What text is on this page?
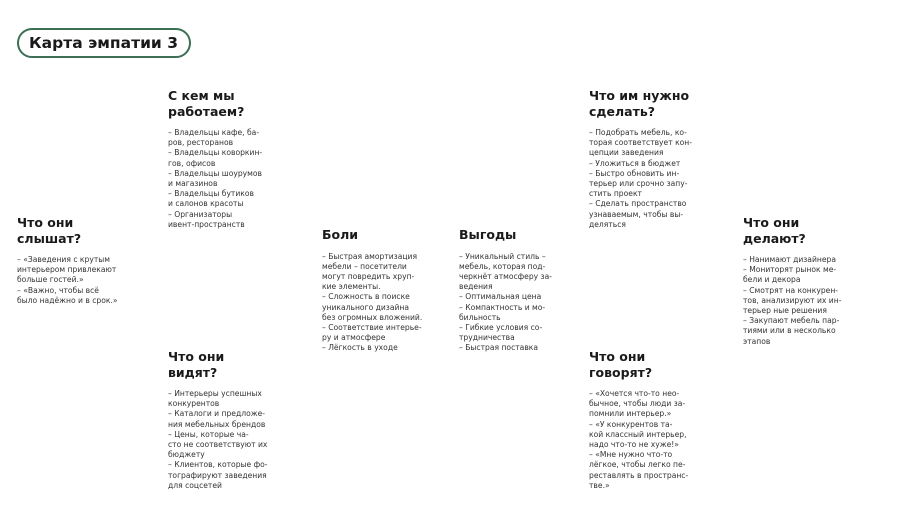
Карта эмпатии 3
С кем мы
работаем?
– Владельцы кафе, ба-
ров, ресторанов
– Владельцы коворкин-
гов, офисов
– Владельцы шоурумов
и магазинов
– Владельцы бутиков
и салонов красоты
– Организаторы
ивент-пространств
Что им нужно
сделать?
– Подобрать мебель, ко-
торая соответствует кон-
цепции заведения
– Уложиться в бюджет
– Быстро обновить ин-
терьер или срочно запу-
стить проект
– Сделать пространство
узнаваемым, чтобы вы-
деляться
Что они
слышат?
– «Заведения с крутым
интерьером привлекают
больше гостей.»
– «Важно, чтобы всё
было надёжно и в срок.»
Боли
– Быстрая амортизация
мебели – посетители
могут повредить хруп-
кие элементы.
– Сложность в поиске
уникального дизайна
без огромных вложений.
– Соответствие интерье-
ру и атмосфере
– Лёгкость в уходе
Выгоды
– Уникальный стиль –
мебель, которая под-
черкнёт атмосферу за-
ведения
– Оптимальная цена
– Компактность и мо-
бильность
– Гибкие условия со-
трудничества
– Быстрая поставка
Что они
делают?
– Нанимают дизайнера
– Мониторят рынок ме-
бели и декора
– Смотрят на конкурен-
тов, анализируют их ин-
терьер ные решения
– Закупают мебель пар-
тиями или в несколько
этапов
Что они
видят?
– Интерьеры успешных
конкурентов
– Каталоги и предложе-
ния мебельных брендов
– Цены, которые ча-
сто не соответствуют их
бюджету
– Клиентов, которые фо-
тографируют заведения
для соцсетей
Что они
говорят?
– «Хочется что-то нео-
бычное, чтобы люди за-
помнили интерьер.»
– «У конкурентов та-
кой классный интерьер,
надо что-то не хуже!»
– «Мне нужно что-то
лёгкое, чтобы легко пе-
реставлять в пространс-
тве.»
